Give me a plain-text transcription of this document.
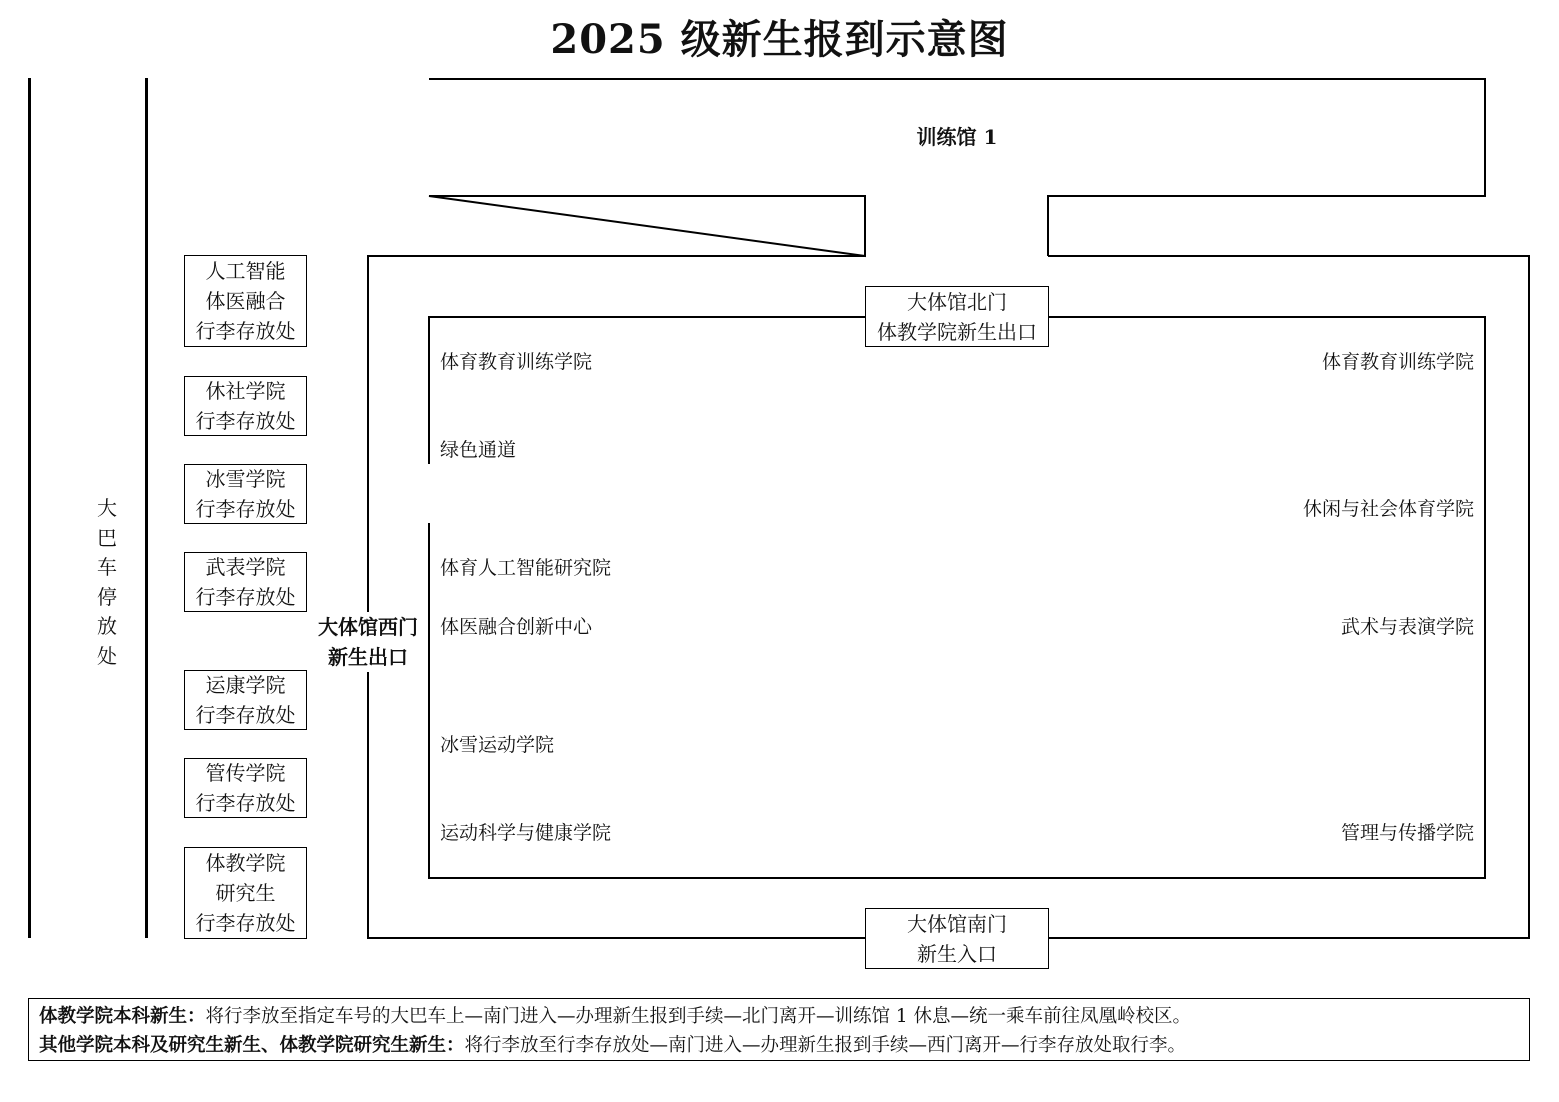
2025 级新生报到示意图
大
巴
车
停
放
处
人工智能
体医融合
行李存放处
休社学院
行李存放处
冰雪学院
行李存放处
武表学院
行李存放处
运康学院
行李存放处
管传学院
行李存放处
体教学院
研究生
行李存放处
训练馆 1
大体馆北门
体教学院新生出口
大体馆南门
新生入口
大体馆西门
新生出口
体育教育训练学院
绿色通道
体育人工智能研究院
体医融合创新中心
冰雪运动学院
运动科学与健康学院
体育教育训练学院
休闲与社会体育学院
武术与表演学院
管理与传播学院
体教学院本科新生：将行李放至指定车号的大巴车上—南门进入—办理新生报到手续—北门离开—训练馆 1 休息—统一乘车前往凤凰岭校区。
其他学院本科及研究生新生、体教学院研究生新生：将行李放至行李存放处—南门进入—办理新生报到手续—西门离开—行李存放处取行李。
